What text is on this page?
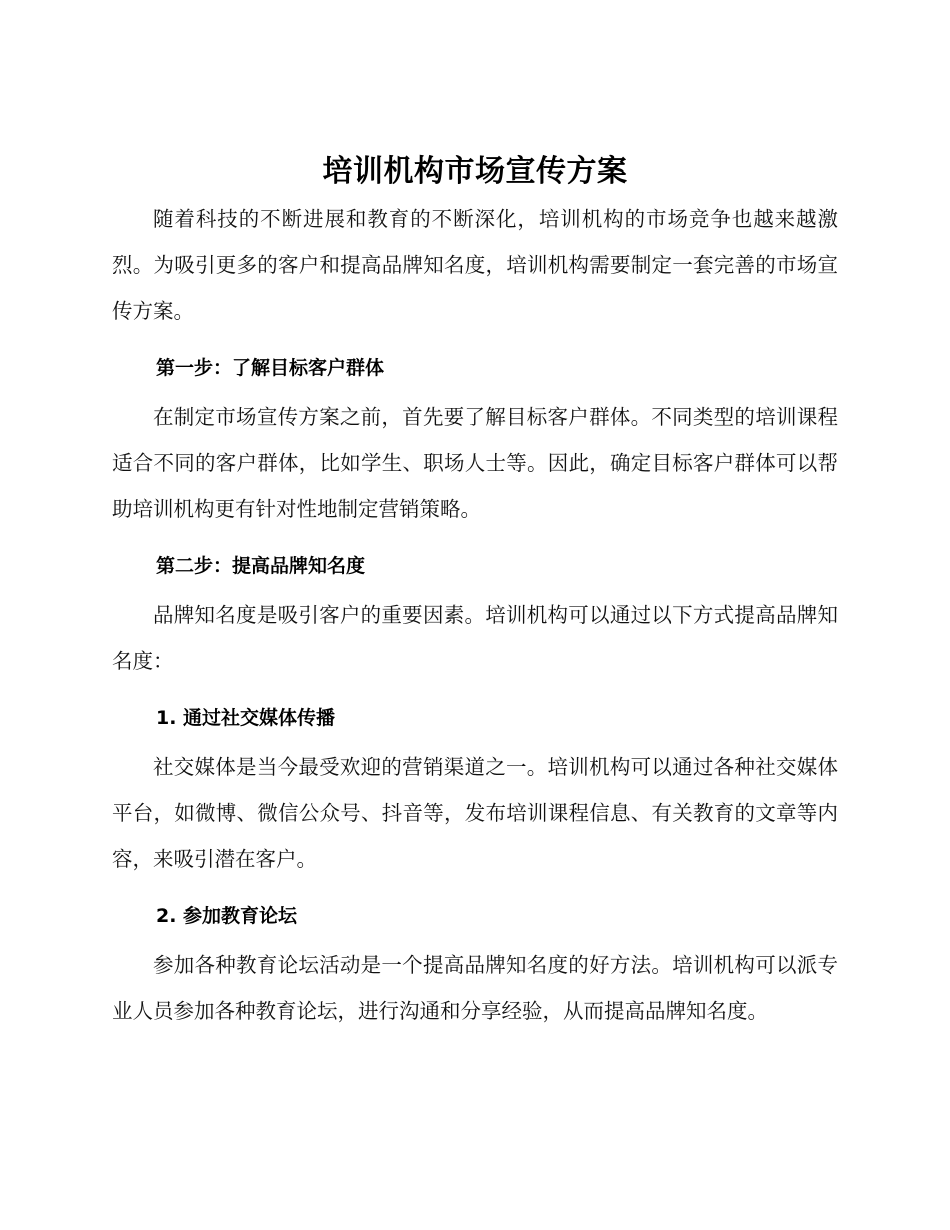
培训机构市场宣传方案

随着科技的不断进展和教育的不断深化，培训机构的市场竞争也越来越激烈。为吸引更多的客户和提高品牌知名度，培训机构需要制定一套完善的市场宣传方案。

第一步：了解目标客户群体

在制定市场宣传方案之前，首先要了解目标客户群体。不同类型的培训课程适合不同的客户群体，比如学生、职场人士等。因此，确定目标客户群体可以帮助培训机构更有针对性地制定营销策略。

第二步：提高品牌知名度

品牌知名度是吸引客户的重要因素。培训机构可以通过以下方式提高品牌知名度：

1. 通过社交媒体传播

社交媒体是当今最受欢迎的营销渠道之一。培训机构可以通过各种社交媒体平台，如微博、微信公众号、抖音等，发布培训课程信息、有关教育的文章等内容，来吸引潜在客户。

2. 参加教育论坛

参加各种教育论坛活动是一个提高品牌知名度的好方法。培训机构可以派专业人员参加各种教育论坛，进行沟通和分享经验，从而提高品牌知名度。
